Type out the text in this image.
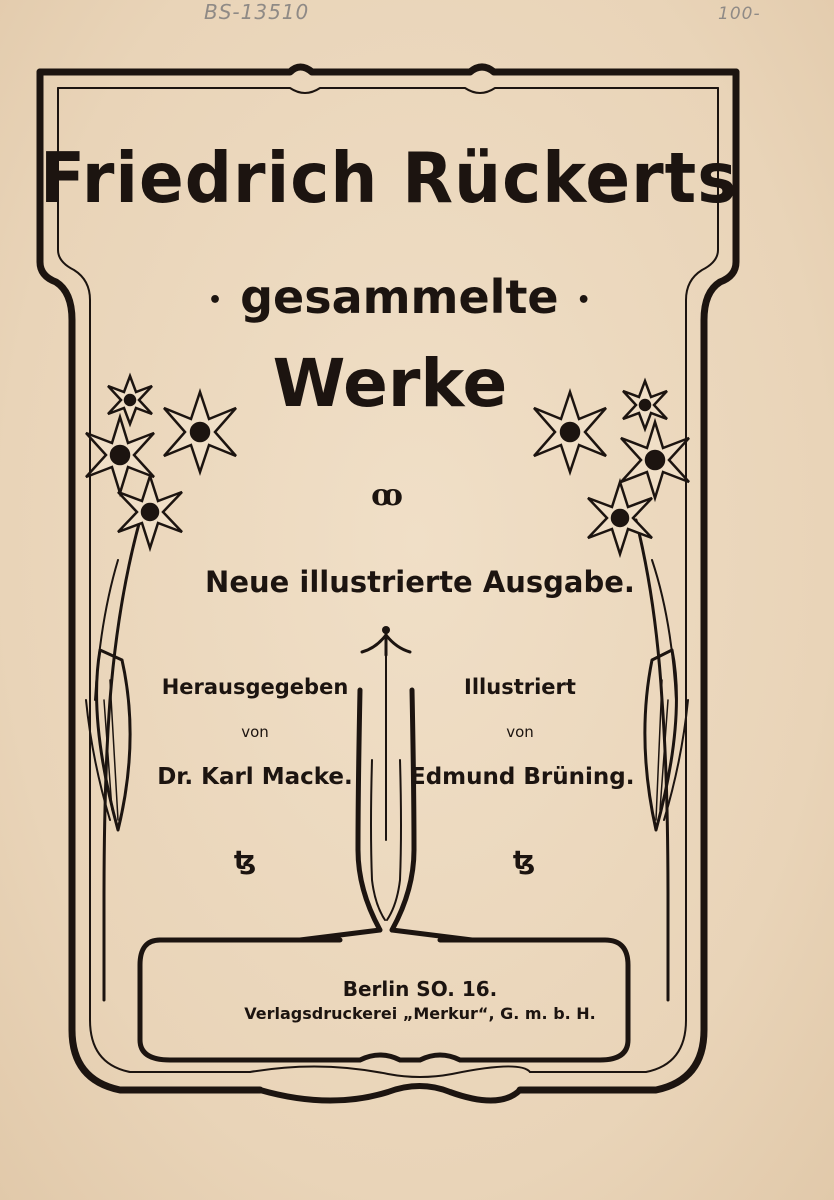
BS-13510	100-
Friedrich Rückerts
• gesammelte •
Werke
ꝏ
Neue illustrierte Ausgabe.
Herausgegeben
von
Dr. Karl Macke.
Illustriert
von
Edmund Brüning.
ꜩ	ꜩ
Berlin SO. 16.
Verlagsdruckerei „Merkur“, G. m. b. H.
